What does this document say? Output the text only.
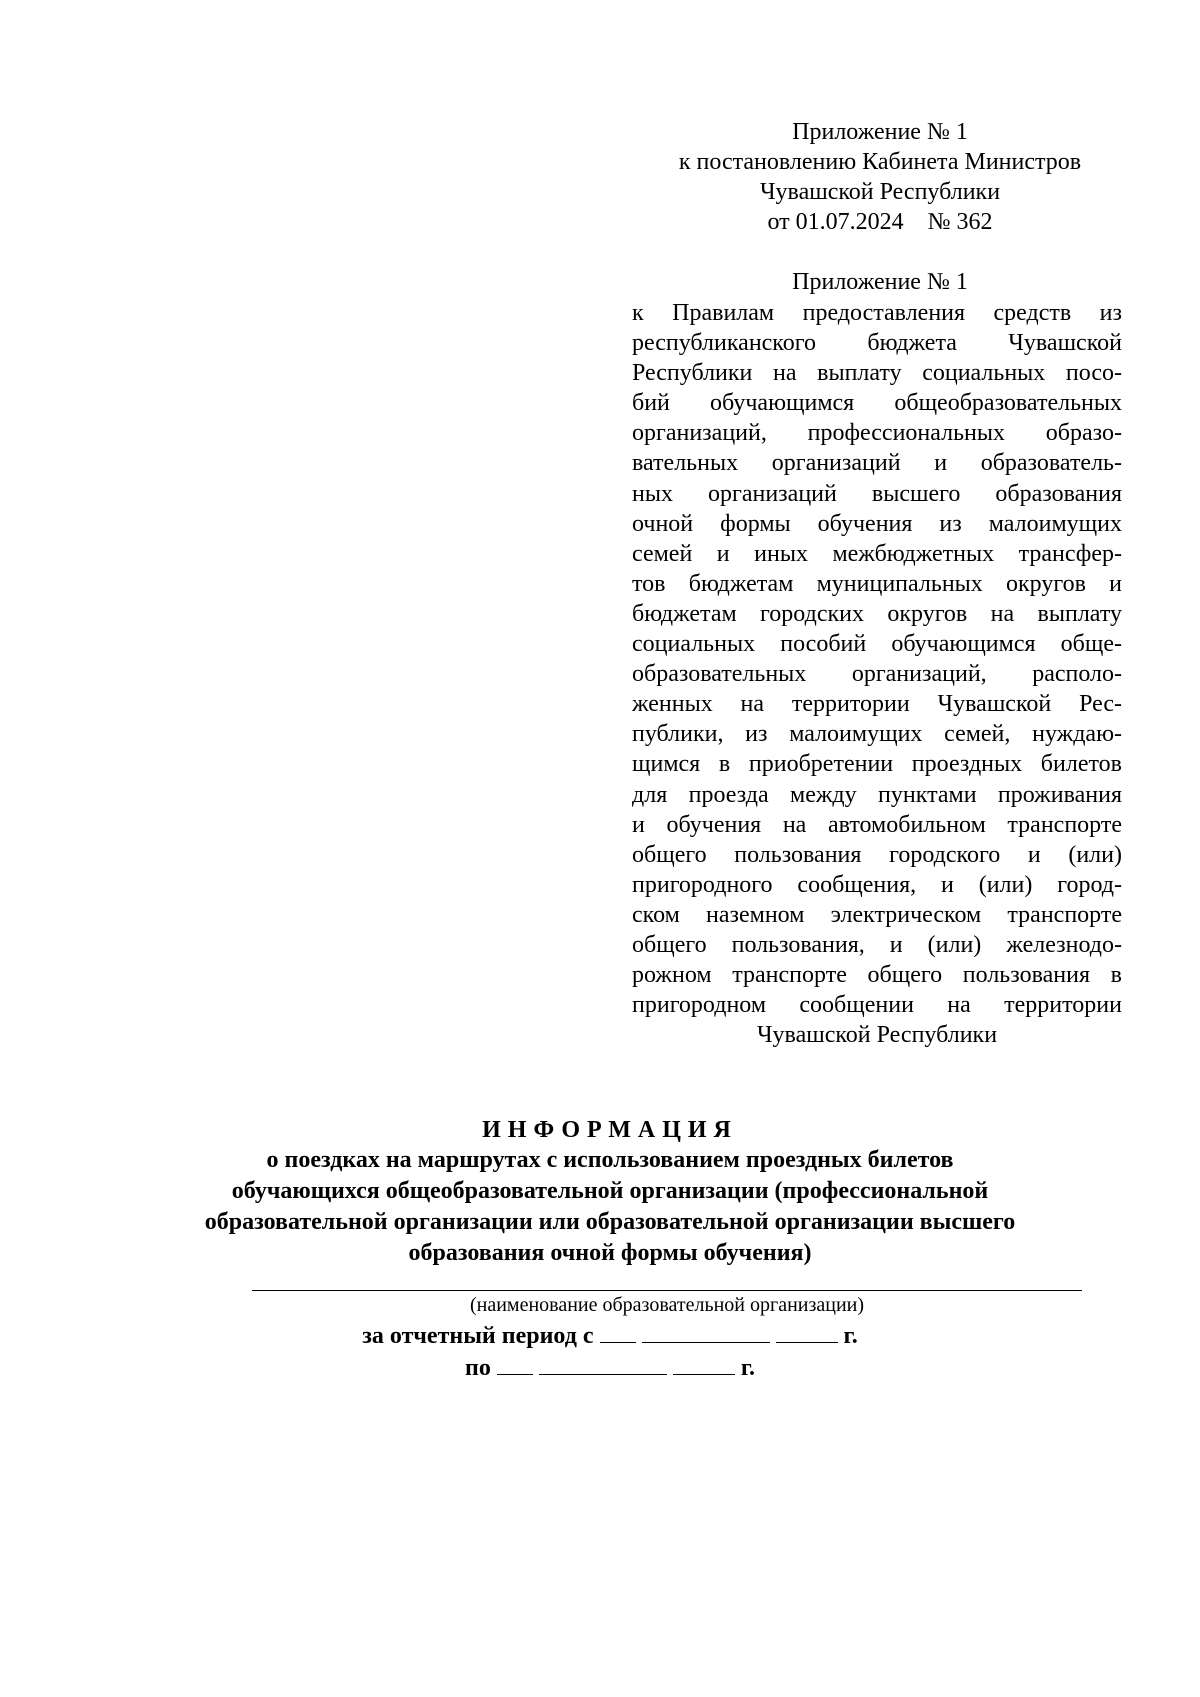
Приложение № 1
к постановлению Кабинета Министров
Чувашской Республики
от 01.07.2024    № 362
Приложение № 1
к Правилам предоставления средств из
республиканского бюджета Чувашской
Республики на выплату социальных посо-
бий обучающимся общеобразовательных
организаций, профессиональных образо-
вательных организаций и образователь-
ных организаций высшего образования
очной формы обучения из малоимущих
семей и иных межбюджетных трансфер-
тов бюджетам муниципальных округов и
бюджетам городских округов на выплату
социальных пособий обучающимся обще-
образовательных организаций, располо-
женных на территории Чувашской Рес-
публики, из малоимущих семей, нуждаю-
щимся в приобретении проездных билетов
для проезда между пунктами проживания
и обучения на автомобильном транспорте
общего пользования городского и (или)
пригородного сообщения, и (или) город-
ском наземном электрическом транспорте
общего пользования, и (или) железнодо-
рожном транспорте общего пользования в
пригородном сообщении на территории
Чувашской Республики
ИНФОРМАЦИЯ
о поездках на маршрутах с использованием проездных билетов
обучающихся общеобразовательной организации (профессиональной
образовательной организации или образовательной организации высшего
образования очной формы обучения)
(наименование образовательной организации)
за отчетный период с	г.
по	г.
